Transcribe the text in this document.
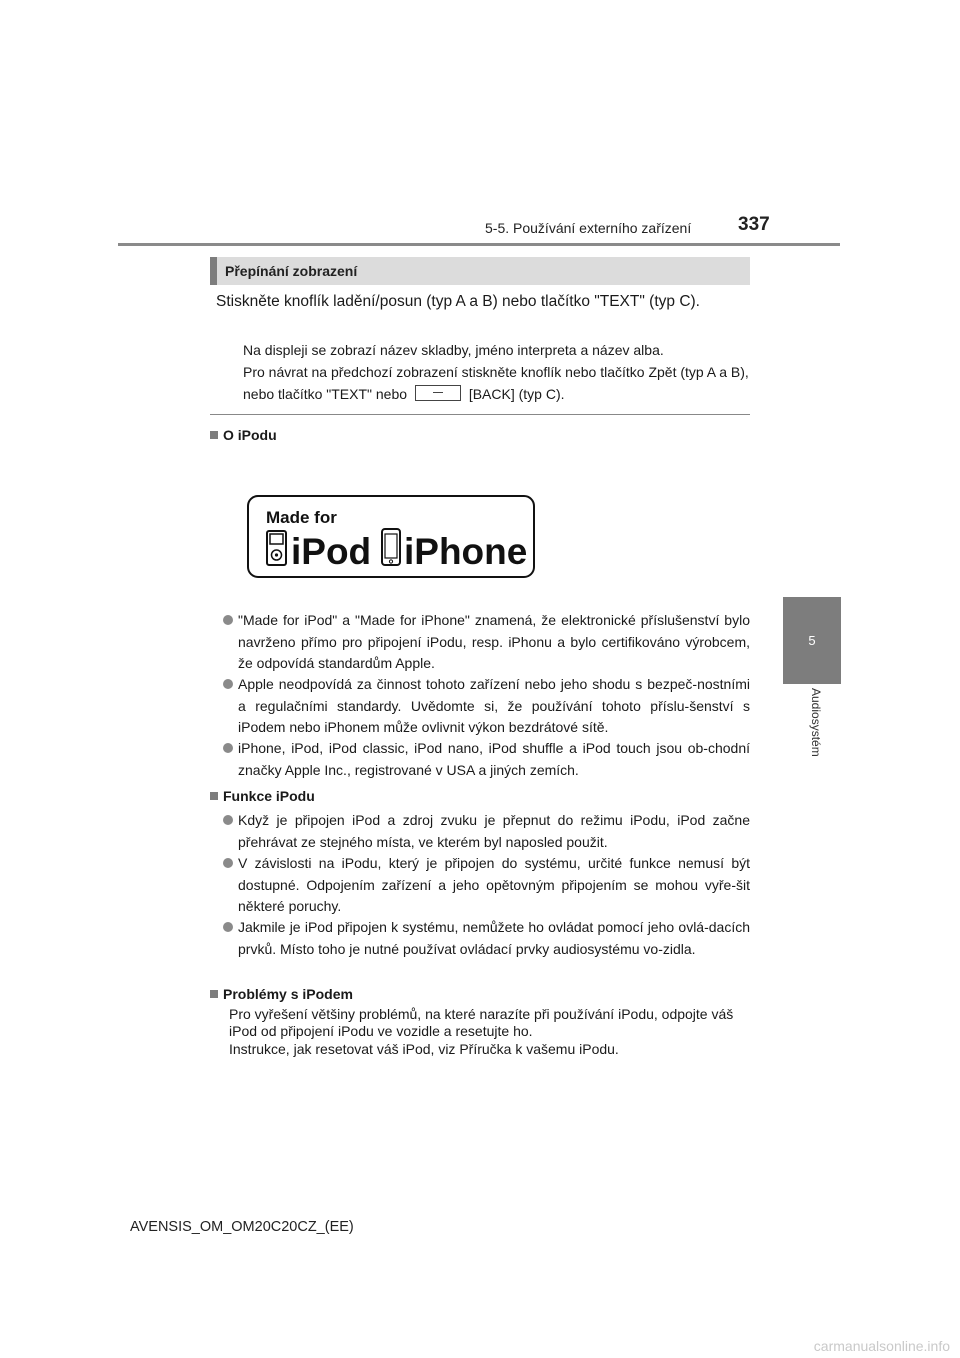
5-5. Používání externího zařízení 337
5
Audiosystém
Přepínání zobrazení
Stiskněte knoflík ladění/posun (typ A a B) nebo tlačítko "TEXT" (typ C).
Na displeji se zobrazí název skladby, jméno interpreta a název alba.
Pro návrat na předchozí zobrazení stiskněte knoflík nebo tlačítko Zpět (typ A a B), nebo tlačítko "TEXT" nebo	[BACK] (typ C).
O iPodu
Made for
iPod iPhone
"Made for iPod" a "Made for iPhone" znamená, že elektronické příslušenství bylo navrženo přímo pro připojení iPodu, resp. iPhonu a bylo certifikováno výrobcem, že odpovídá standardům Apple.
Apple neodpovídá za činnost tohoto zařízení nebo jeho shodu s bezpeč-nostními a regulačními standardy. Uvědomte si, že používání tohoto příslu-šenství s iPodem nebo iPhonem může ovlivnit výkon bezdrátové sítě.
iPhone, iPod, iPod classic, iPod nano, iPod shuffle a iPod touch jsou ob-chodní značky Apple Inc., registrované v USA a jiných zemích.
Funkce iPodu
Když je připojen iPod a zdroj zvuku je přepnut do režimu iPodu, iPod začne přehrávat ze stejného místa, ve kterém byl naposled použit.
V závislosti na iPodu, který je připojen do systému, určité funkce nemusí být dostupné. Odpojením zařízení a jeho opětovným připojením se mohou vyře-šit některé poruchy.
Jakmile je iPod připojen k systému, nemůžete ho ovládat pomocí jeho ovlá-dacích prvků. Místo toho je nutné používat ovládací prvky audiosystému vo-zidla.
Problémy s iPodem
Pro vyřešení většiny problémů, na které narazíte při používání iPodu, odpojte váš iPod od připojení iPodu ve vozidle a resetujte ho.
Instrukce, jak resetovat váš iPod, viz Příručka k vašemu iPodu.
AVENSIS_OM_OM20C20CZ_(EE)
carmanualsonline.info
